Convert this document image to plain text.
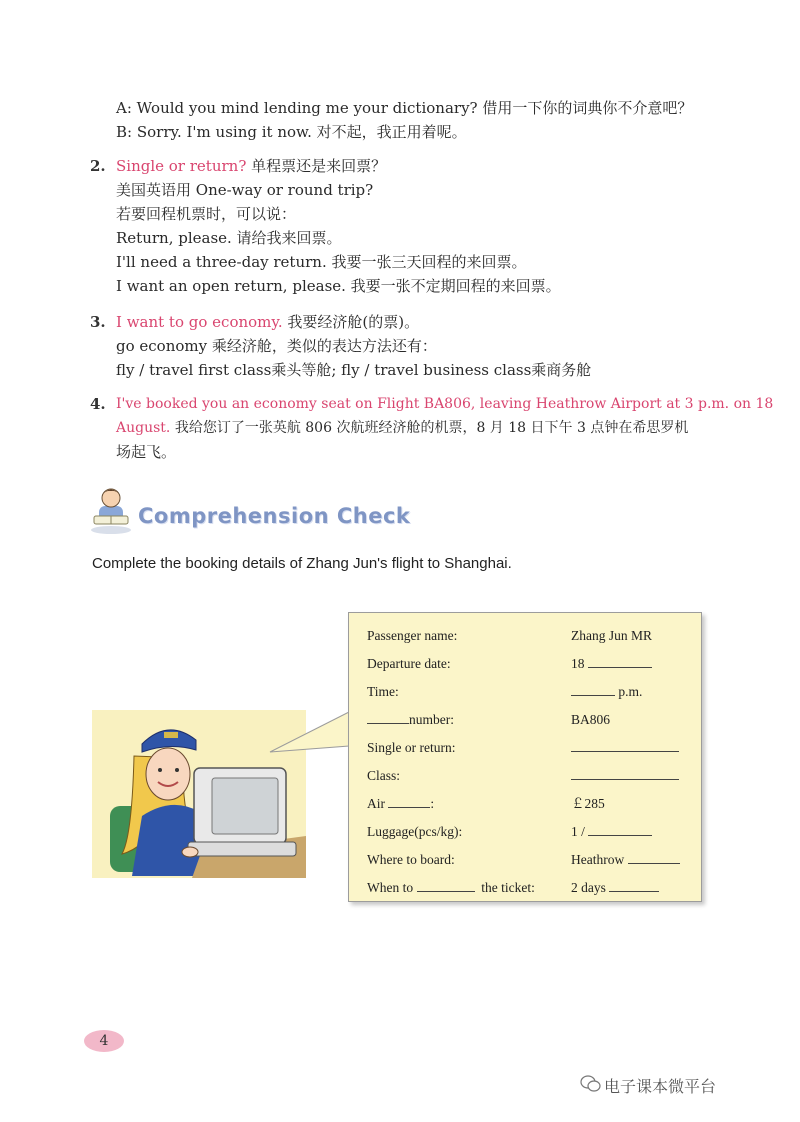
A: Would you mind lending me your dictionary? 借用一下你的词典你不介意吧？
B: Sorry. I'm using it now. 对不起，我正用着呢。
2. Single or return? 单程票还是来回票？
美国英语用 One-way or round trip?
若要回程机票时，可以说：
Return, please. 请给我来回票。
I'll need a three-day return. 我要一张三天回程的来回票。
I want an open return, please. 我要一张不定期回程的来回票。
3. I want to go economy. 我要经济舱(的票)。
go economy 乘经济舱，类似的表达方法还有：
fly / travel first class乘头等舱; fly / travel business class乘商务舱
4. I've booked you an economy seat on Flight BA806, leaving Heathrow Airport at 3 p.m. on 18
August. 我给您订了一张英航 806 次航班经济舱的机票，8 月 18 日下午 3 点钟在希思罗机
场起飞。
Comprehension Check
Complete the booking details of Zhang Jun's flight to Shanghai.
Passenger name:	Zhang Jun MR
Departure date:	18
Time:	p.m.
number:	BA806
Single or return:
Class:
Air	:	￡285
Luggage(pcs/kg):	1 /
Where to board:	Heathrow
When to	the ticket:	2 days
4
电子课本微平台
